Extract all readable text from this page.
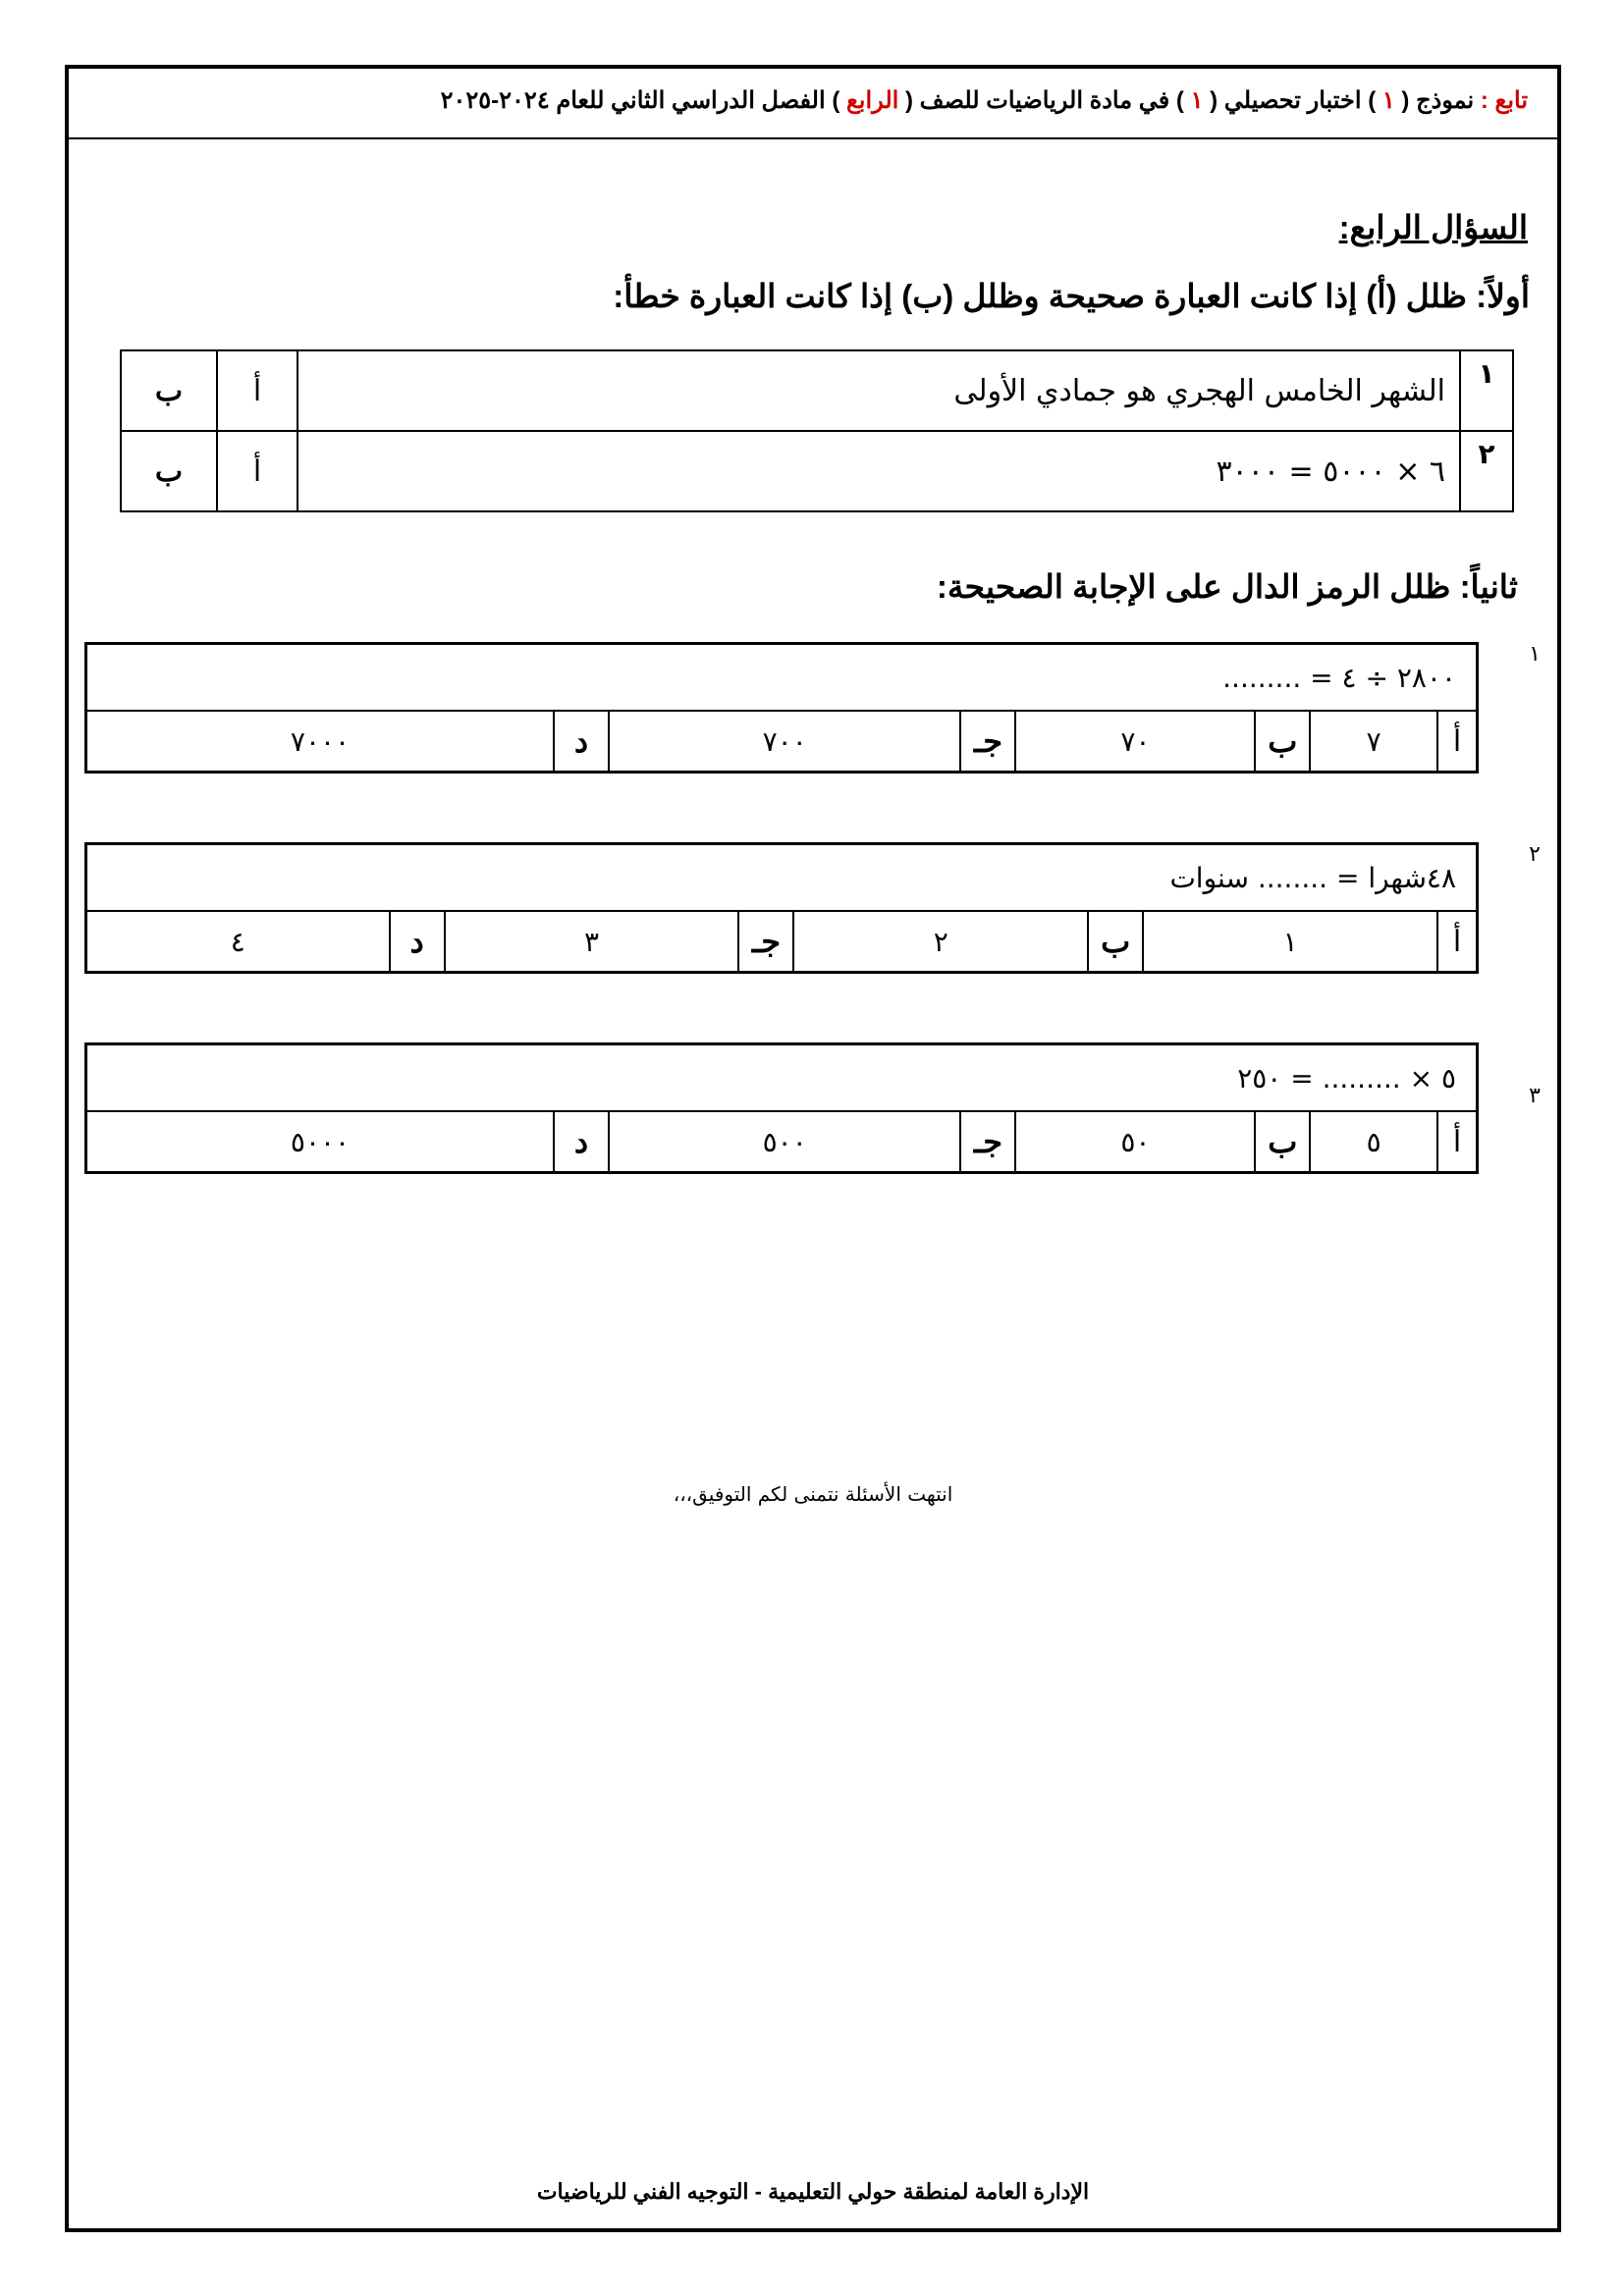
تابع : نموذج ( ١ ) اختبار تحصيلي ( ١ ) في مادة الرياضيات للصف ( الرابع ) الفصل الدراسي الثاني للعام ٢٠٢٤-٢٠٢٥
السؤال الرابع:
أولاً: ظلل (أ) إذا كانت العبارة صحيحة وظلل (ب) إذا كانت العبارة خطأ:
١	الشهر الخامس الهجري هو جمادي الأولى	أ	ب
٢	٦ × ٥٠٠٠ = ٣٠٠٠	أ	ب
ثانياً: ظلل الرمز الدال على الإجابة الصحيحة:
١
٢٨٠٠ ÷ ٤ = .........
أ	٧	ب	٧٠	جـ	٧٠٠	د	٧٠٠٠
٢
٤٨شهرا = ........ سنوات
أ	١	ب	٢	جـ	٣	د	٤
٣
٥ × ......... = ٢٥٠
أ	٥	ب	٥٠	جـ	٥٠٠	د	٥٠٠٠
انتهت الأسئلة نتمنى لكم التوفيق،،،
الإدارة العامة لمنطقة حولي التعليمية - التوجيه الفني للرياضيات
